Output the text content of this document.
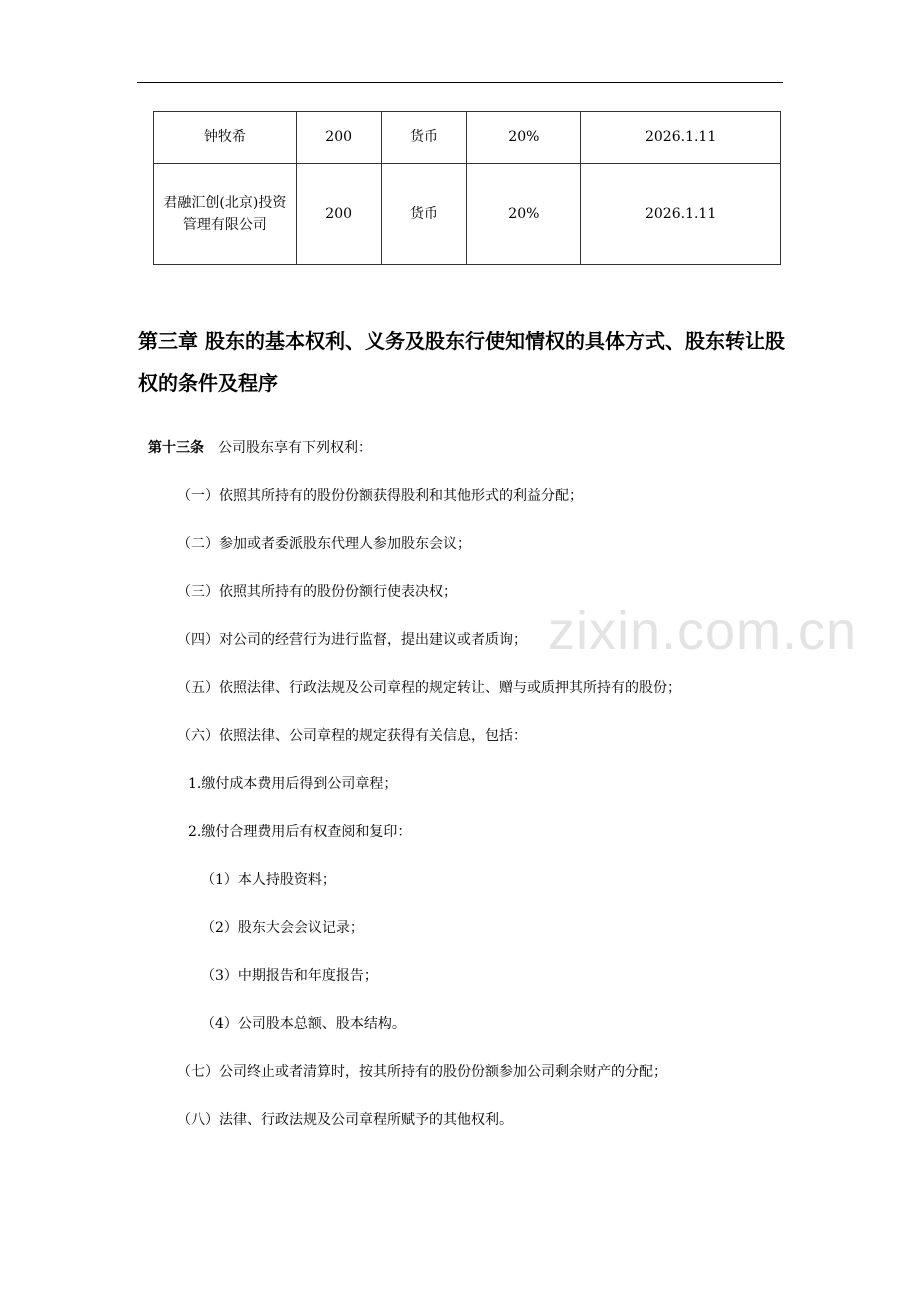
钟牧希	200	货币	20%	2026.1.11
君融汇创(北京)投资管理有限公司	200	货币	20%	2026.1.11
第三章 股东的基本权利、义务及股东行使知情权的具体方式、股东转让股权的条件及程序
第十三条 公司股东享有下列权利：
（一）依照其所持有的股份份额获得股利和其他形式的利益分配；
（二）参加或者委派股东代理人参加股东会议；
（三）依照其所持有的股份份额行使表决权；
（四）对公司的经营行为进行监督，提出建议或者质询；
（五）依照法律、行政法规及公司章程的规定转让、赠与或质押其所持有的股份；
（六）依照法律、公司章程的规定获得有关信息，包括：
1.缴付成本费用后得到公司章程；
2.缴付合理费用后有权查阅和复印：
（1）本人持股资料；
（2）股东大会会议记录；
（3）中期报告和年度报告；
（4）公司股本总额、股本结构。
（七）公司终止或者清算时，按其所持有的股份份额参加公司剩余财产的分配；
（八）法律、行政法规及公司章程所赋予的其他权利。
zixin.com.cn
